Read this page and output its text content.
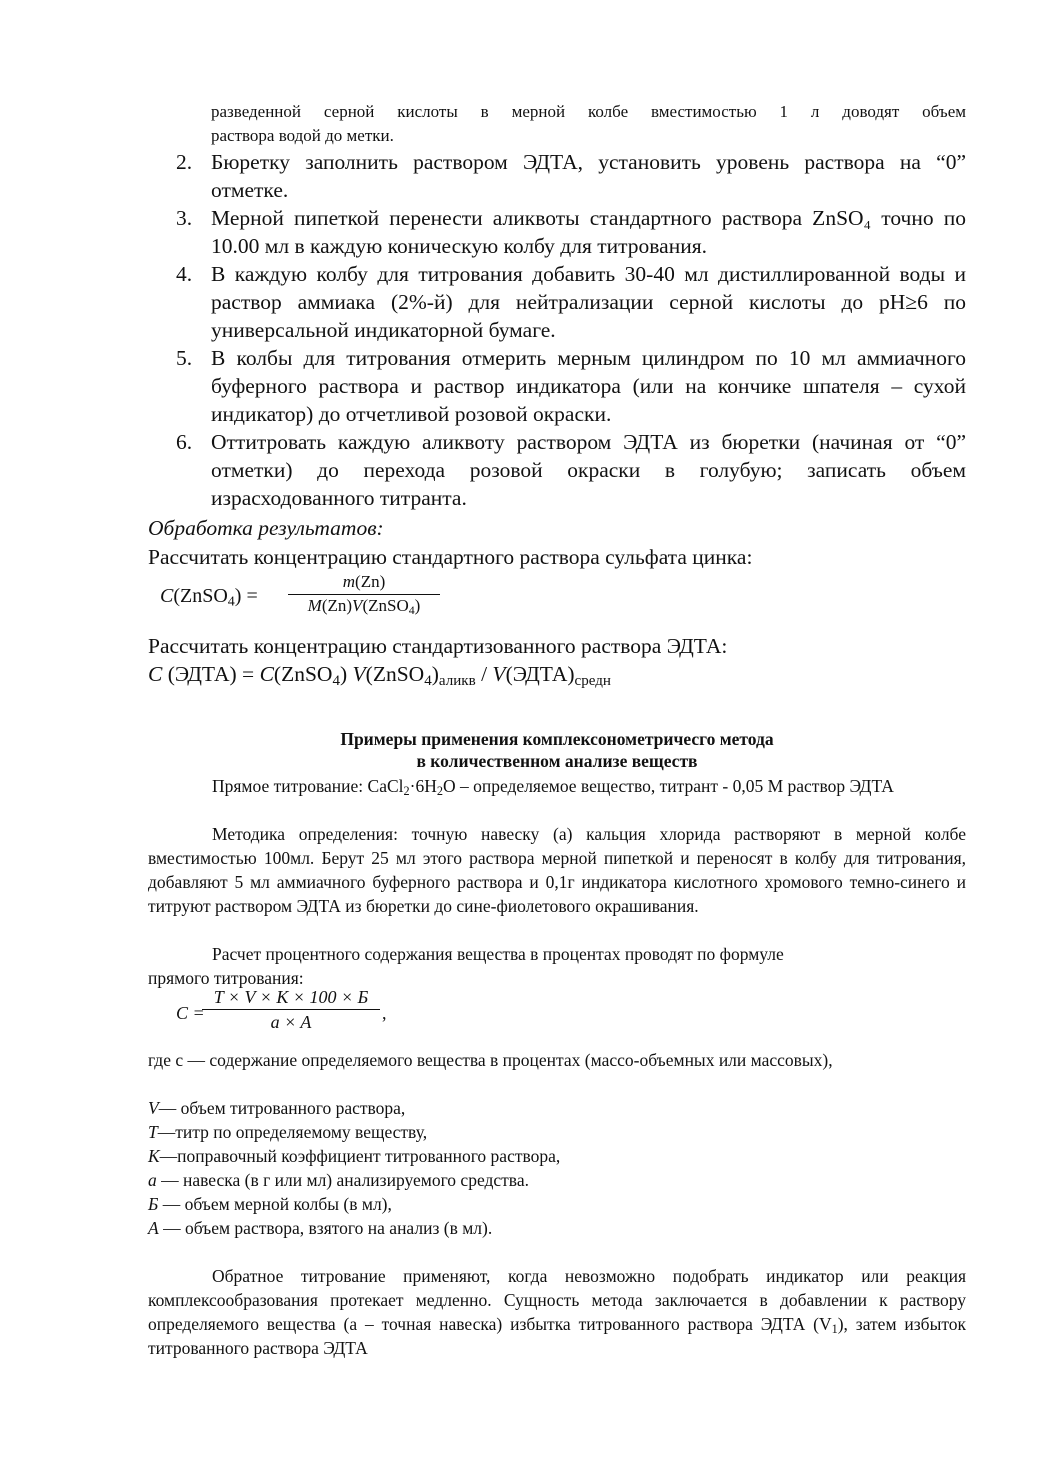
разведенной серной кислоты в мерной колбе вместимостью 1 л доводят объем
раствора водой до метки.
2. Бюретку заполнить раствором ЭДТА, установить уровень раствора на “0” отметке.
3. Мерной пипеткой перенести аликвоты стандартного раствора ZnSO₄ точно по 10.00 мл в каждую коническую колбу для титрования.
4. В каждую колбу для титрования добавить 30-40 мл дистиллированной воды и раствор аммиака (2%-й) для нейтрализации серной кислоты до pH≥6 по универсальной индикаторной бумаге.
5. В колбы для титрования отмерить мерным цилиндром по 10 мл аммиачного буферного раствора и раствор индикатора (или на кончике шпателя – сухой индикатор) до отчетливой розовой окраски.
6. Оттитровать каждую аликвоту раствором ЭДТА из бюретки (начиная от “0” отметки) до перехода розовой окраски в голубую; записать объем израсходованного титранта.
Обработка результатов:
Рассчитать концентрацию стандартного раствора сульфата цинка:
C(ZnSO$_4$) =
m(Zn)
M(Zn)V(ZnSO$_4$)
Рассчитать концентрацию стандартизованного раствора ЭДТА:
C (ЭДТА) = C(ZnSO$_4$) $V(ZnSO_4)_{аликв}$ / $V(ЭДТА)_{средн}$
Примеры применения комплексонометричесго метода
в количественном анализе веществ
Прямое титрование: $CaCl_2\cdot 6H_2O$ – определяемое вещество, титрант - 0,05 М раствор ЭДТА
Методика определения: точную навеску (а) кальция хлорида растворяют в мерной колбе вместимостью 100мл. Берут 25 мл этого раствора мерной пипеткой и переносят в колбу для титрования, добавляют 5 мл аммиачного буферного раствора и 0,1г индикатора кислотного хромового темно-синего и титруют раствором ЭДТА из бюретки до сине-фиолетового окрашивания.
Расчет процентного содержания вещества в процентах проводят по формуле
прямого титрования:
C =
T × V × K × 100 × Б
a × A	,
где с — содержание определяемого вещества в процентах (массо-объемных или массовых),
V— объем титрованного раствора,
Т—титр по определяемому веществу,
К—поправочный коэффициент титрованного раствора,
а — навеска (в г или мл) анализируемого средства.
Б — объем мерной колбы (в мл),
А — объем раствора, взятого на анализ (в мл).
Обратное титрование применяют, когда невозможно подобрать индикатор или реакция комплексообразования протекает медленно. Сущность метода заключается в добавлении к раствору определяемого вещества (а – точная навеска) избытка титрованного раствора ЭДТА $(V_1)$, затем избыток титрованного раствора ЭДТА
